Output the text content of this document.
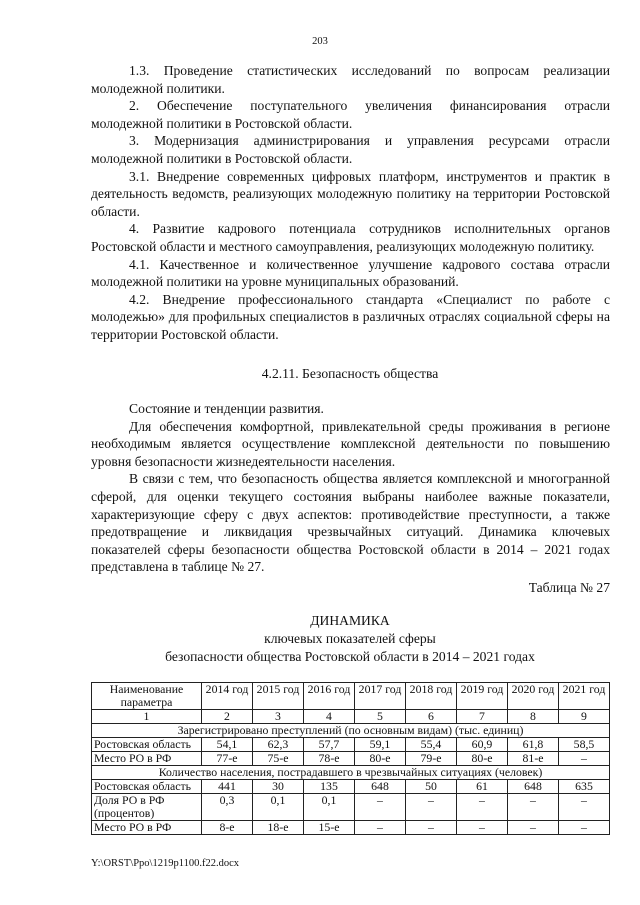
203

1.3. Проведение статистических исследований по вопросам реализации молодежной политики.

2. Обеспечение поступательного увеличения финансирования отрасли молодежной политики в Ростовской области.

3. Модернизация администрирования и управления ресурсами отрасли молодежной политики в Ростовской области.

3.1. Внедрение современных цифровых платформ, инструментов и практик в деятельность ведомств, реализующих молодежную политику на территории Ростовской области.

4. Развитие кадрового потенциала сотрудников исполнительных органов Ростовской области и местного самоуправления, реализующих молодежную политику.

4.1. Качественное и количественное улучшение кадрового состава отрасли молодежной политики на уровне муниципальных образований.

4.2. Внедрение профессионального стандарта «Специалист по работе с молодежью» для профильных специалистов в различных отраслях социальной сферы на территории Ростовской области.

4.2.11. Безопасность общества

Состояние и тенденции развития.

Для обеспечения комфортной, привлекательной среды проживания в регионе необходимым является осуществление комплексной деятельности по повышению уровня безопасности жизнедеятельности населения.

В связи с тем, что безопасность общества является комплексной и многогранной сферой, для оценки текущего состояния выбраны наиболее важные показатели, характеризующие сферу с двух аспектов: противодействие преступности, а также предотвращение и ликвидация чрезвычайных ситуаций. Динамика ключевых показателей сферы безопасности общества Ростовской области в 2014 – 2021 годах представлена в таблице № 27.

Таблица № 27
ДИНАМИКА
ключевых показателей сферы
безопасности общества Ростовской области в 2014 – 2021 годах
Наименование параметра	2014 год	2015 год	2016 год	2017 год	2018 год	2019 год	2020 год	2021 год
1	2	3	4	5	6	7	8	9
Зарегистрировано преступлений (по основным видам) (тыс. единиц)								
Ростовская область	54,1	62,3	57,7	59,1	55,4	60,9	61,8	58,5
Место РО в РФ	77-е	75-е	78-е	80-е	79-е	80-е	81-е	–
Количество населения, пострадавшего в чрезвычайных ситуациях (человек)								
Ростовская область	441	30	135	648	50	61	648	635
Доля РО в РФ (процентов)	0,3	0,1	0,1	–	–	–	–	–
Место РО в РФ	8-е	18-е	15-е	–	–	–	–	–
Y:\ORST\Ppo\1219p1100.f22.docx
